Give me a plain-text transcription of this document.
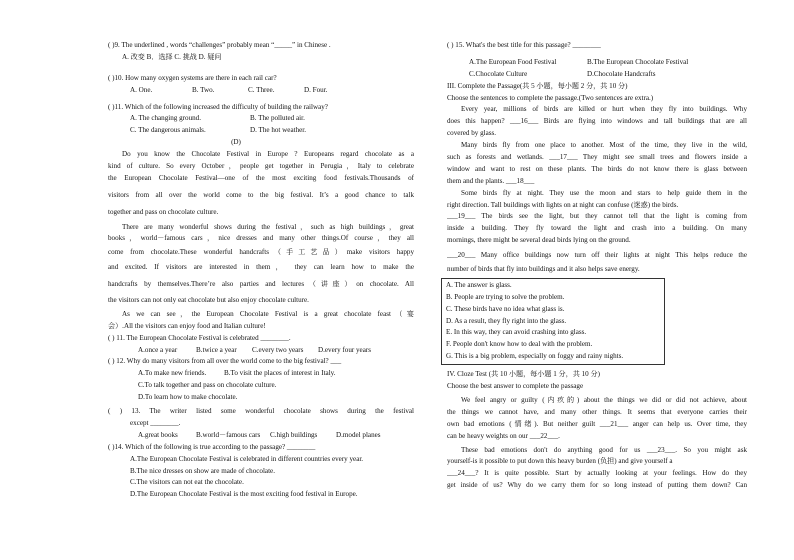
( )9. The underlined , words “challenges” probably mean “_____” in Chinese .
A. 改变 B．选择 C. 挑战 D. 疑问
( )10. How many oxygen systems are there in each rail car?
A. One.	B. Two.	C. Three.	D. Four.
( )11. Which of the following increased the difficulty of building the railway?
A. The changing ground.	B. The polluted air.
C. The dangerous animals.	D. The hot weather.
(D)
Do you know the Chocolate Festival in Europe ? Europeans regard chocolate as a
kind of culture. So every October，people get together in Perugia，Italy to celebrate
the European Chocolate Festival—one of the most exciting food festivals.Thousands of
visitors from all over the world come to the big festival. It’s a good chance to talk
together and pass on chocolate culture.
There are many wonderful shows during the festival，such as high buildings，great
books，world－famous cars，nice dresses and many other things.Of course，they all
come from chocolate.These wonderful handcrafts（手工艺品）make visitors happy
and excited. If visitors are interested in them， they can learn how to make the
handcrafts by themselves.There’re also parties and lectures（讲座）on chocolate. All
the visitors can not only eat chocolate but also enjoy chocolate culture.
As we can see，the European Chocolate Festival is a great chocolate feast（宴
会）.All the visitors can enjoy food and Italian culture!
( ) 11. The European Chocolate Festival is celebrated ________.
A.once a year	B.twice a year C.every two years D.every four years
( ) 12. Why do many visitors from all over the world come to the big festival? ___
A.To make new friends. B.To visit the places of interest in Italy.
C.To talk together and pass on chocolate culture.
D.To learn how to make chocolate.
( ) 13. The writer listed some wonderful chocolate shows during the festival
except ________.
A.great books	B.world－famous cars C.high buildings	D.model planes
( )14. Which of the following is true according to the passage? ________
A.The European Chocolate Festival is celebrated in different countries every year.
B.The nice dresses on show are made of chocolate.
C.The visitors can not eat the chocolate.
D.The European Chocolate Festival is the most exciting food festival in Europe.
( ) 15. What's the best title for this passage? ________
A.The European Food Festival	B.The European Chocolate Festival
C.Chocolate Culture	D.Chocolate Handcrafts
III. Complete the Passage(共 5 小题，每小题 2 分，共 10 分)
Choose the sentences to complete the passage.(Two sentences are extra.)
Every year, millions of birds are killed or hurt when they fly into buildings. Why
does this happen? ___16___ Birds are flying into windows and tall buildings that are all
covered by glass.
Many birds fly from one place to another. Most of the time, they live in the wild,
such as forests and wetlands. ___17___ They might see small trees and flowers inside a
window and want to rest on these plants. The birds do not know there is glass between
them and the plants. ___18___
Some birds fly at night. They use the moon and stars to help guide them in the
right direction. Tall buildings with lights on at night can confuse (迷惑) the birds.
___19___ The birds see the light, but they cannot tell that the light is coming from
inside a building. They fly toward the light and crash into a building. On many
mornings, there might be several dead birds lying on the ground.
___20___ Many office buildings now turn off their lights at night This helps reduce the
number of birds that fly into buildings and it also helps save energy.
A. The answer is glass.
B. People are trying to solve the problem.
C. These birds have no idea what glass is.
D. As a result, they fly right into the glass.
E. In this way, they can avoid crashing into glass.
F. People don't know how to deal with the problem.
G. This is a big problem, especially on foggy and rainy nights.
IV. Cloze Test (共 10 小题，每小题 1 分，共 10 分)
Choose the best answer to complete the passage
We feel angry or guilty (内疚的) about the things we did or did not achieve, about
the things we cannot have, and many other things. It seems that everyone carries their
own bad emotions (情绪). But neither guilt ___21___ anger can help us. Over time, they
can be heavy weights on our ___22___.
These bad emotions don't do anything good for us ___23___. So you might ask
yourself-is it possible to put down this heavy burden (负担) and give yourself a
___24___? It is quite possible. Start by actually looking at your feelings. How do they
get inside of us? Why do we carry them for so long instead of putting them down? Can
